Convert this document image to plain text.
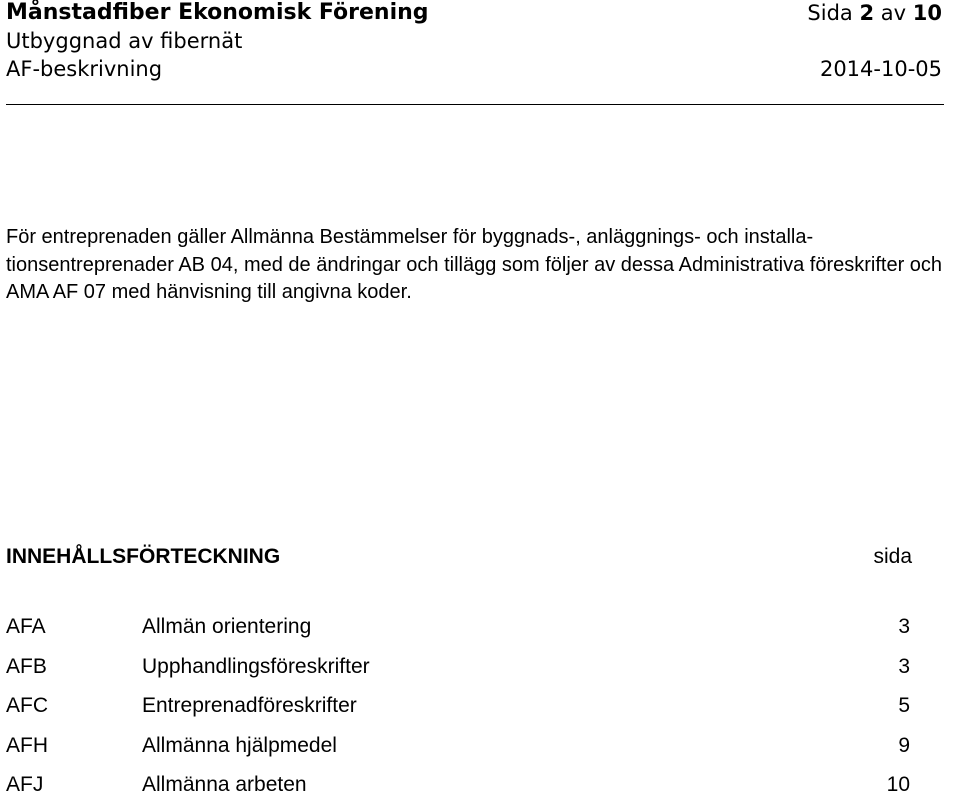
Månstadfiber Ekonomisk Förening
Utbyggnad av fibernät
AF-beskrivning
Sida 2 av 10
2014-10-05

För entreprenaden gäller Allmänna Bestämmelser för byggnads-, anläggnings- och installa-tionsentreprenader AB 04, med de ändringar och tillägg som följer av dessa Administrativa föreskrifter och AMA AF 07 med hänvisning till angivna koder.

INNEHÅLLSFÖRTECKNING	sida
AFA	Allmän orientering	3
AFB	Upphandlingsföreskrifter	3
AFC	Entreprenadföreskrifter	5
AFH	Allmänna hjälpmedel	9
AFJ	Allmänna arbeten	10
